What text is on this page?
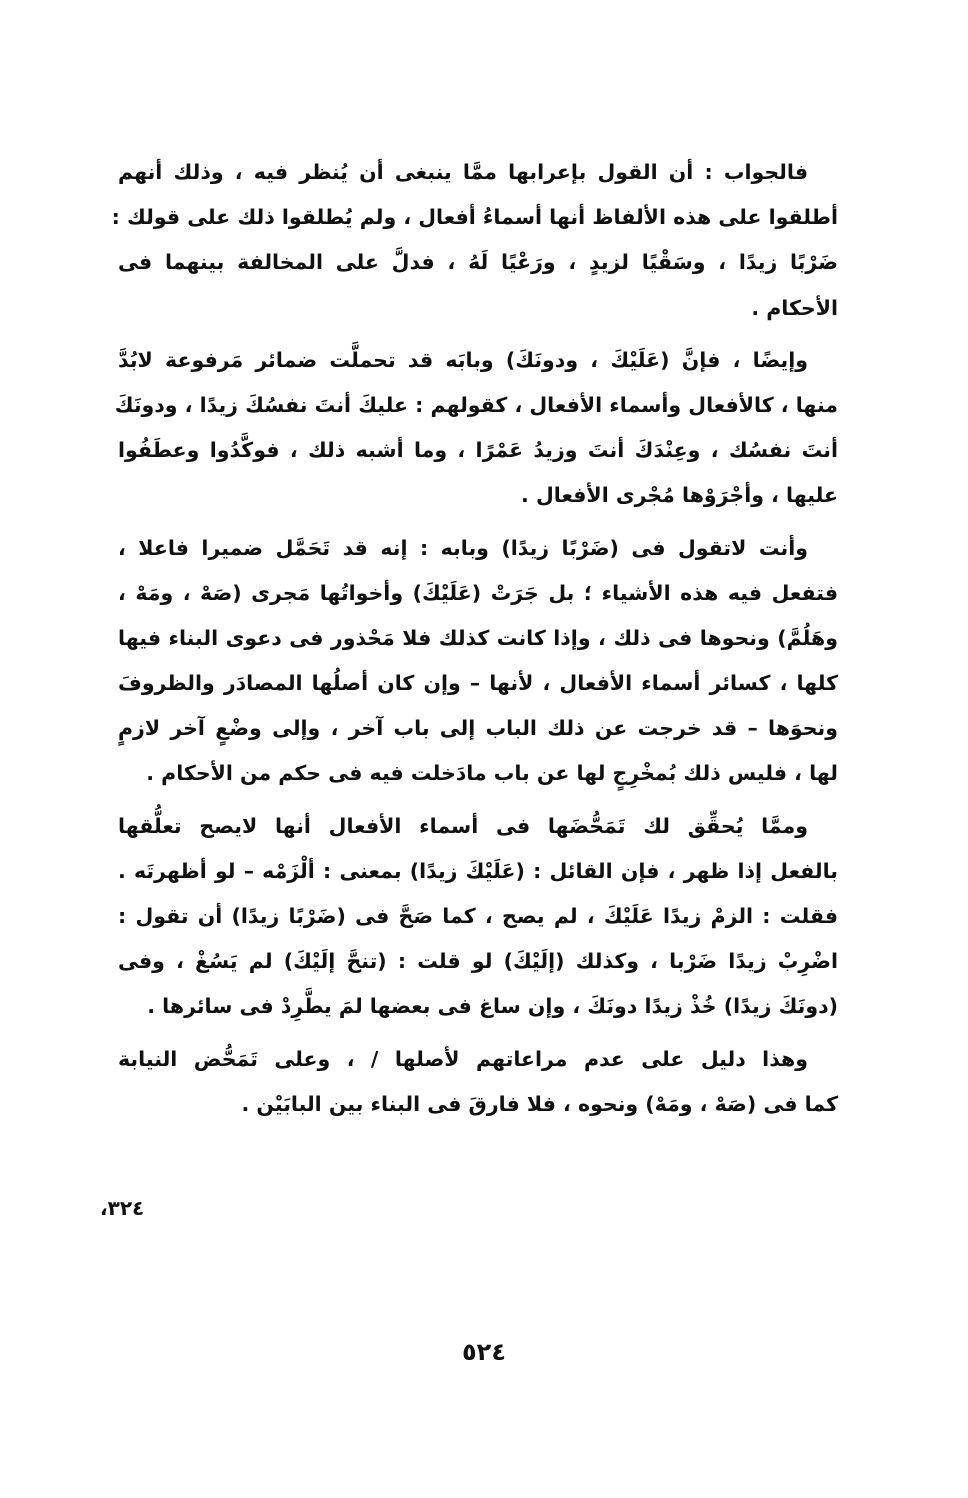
فالجواب : أن القول بإعرابها ممَّا ينبغى أن يُنظر فيه ، وذلك أنهم
أطلقوا على هذه الألفاظ أنها أسماءُ أفعال ، ولم يُطلقوا ذلك على قولك :
ضَرْبًا زيدًا ، وسَقْيًا لزيدٍ ، ورَعْيًا لَهُ ، فدلَّ على المخالفة بينهما فى
الأحكام .
وإيضًا ، فإنَّ (عَلَيْكَ ، ودونَكَ) وبابَه قد تحملَّت ضمائر مَرفوعة لابُدَّ
منها ، كالأفعال وأسماء الأفعال ، كقولهم : عليكَ أنتَ نفسُكَ زيدًا ، ودونَكَ
أنتَ نفسُك ، وعِنْدَكَ أنتَ وزيدُ عَمْرًا ، وما أشبه ذلك ، فوكَّدُوا وعطَفُوا
عليها ، وأجْرَوْها مُجْرى الأفعال .
وأنت لاتقول فى (ضَرْبًا زيدًا) وبابه : إنه قد تَحَمَّل ضميرا فاعلا ،
فتفعل فيه هذه الأشياء ؛ بل جَرَتْ (عَلَيْكَ) وأخواتُها مَجرى (صَهْ ، ومَهْ ،
وهَلُمَّ) ونحوها فى ذلك ، وإذا كانت كذلك فلا مَحْذور فى دعوى البناء فيها
كلها ، كسائر أسماء الأفعال ، لأنها – وإن كان أصلُها المصادَر والظروفَ
ونحوَها – قد خرجت عن ذلك الباب إلى باب آخر ، وإلى وضْعٍ آخر لازمٍ
لها ، فليس ذلك بُمخْرِجٍ لها عن باب مادَخلت فيه فى حكم من الأحكام .
وممَّا يُحقِّق لك تَمَحُّضَها فى أسماء الأفعال أنها لايصح تعلُّقها
بالفعل إذا ظهر ، فإن القائل : (عَلَيْكَ زيدًا) بمعنى : ألْزَمْه – لو أظهرتَه .
فقلت : الزمْ زيدًا عَلَيْكَ ، لم يصح ، كما صَحَّ فى (ضَرْبًا زيدًا) أن تقول :
اضْرِبْ زيدًا ضَرْبا ، وكذلك (إلَيْكَ) لو قلت : (تنحَّ إلَيْكَ) لم يَسُغْ ، وفى
(دونَكَ زيدًا) خُذْ زيدًا دونَكَ ، وإن ساغ فى بعضها لمَ يطَّرِدْ فى سائرها .
وهذا دليل على عدم مراعاتهم لأصلها / ، وعلى تَمَحُّض النيابة
كما فى (صَهْ ، ومَهْ) ونحوه ، فلا فارقَ فى البناء بين البابَيْن .
٣٢٤،
٥٢٤
